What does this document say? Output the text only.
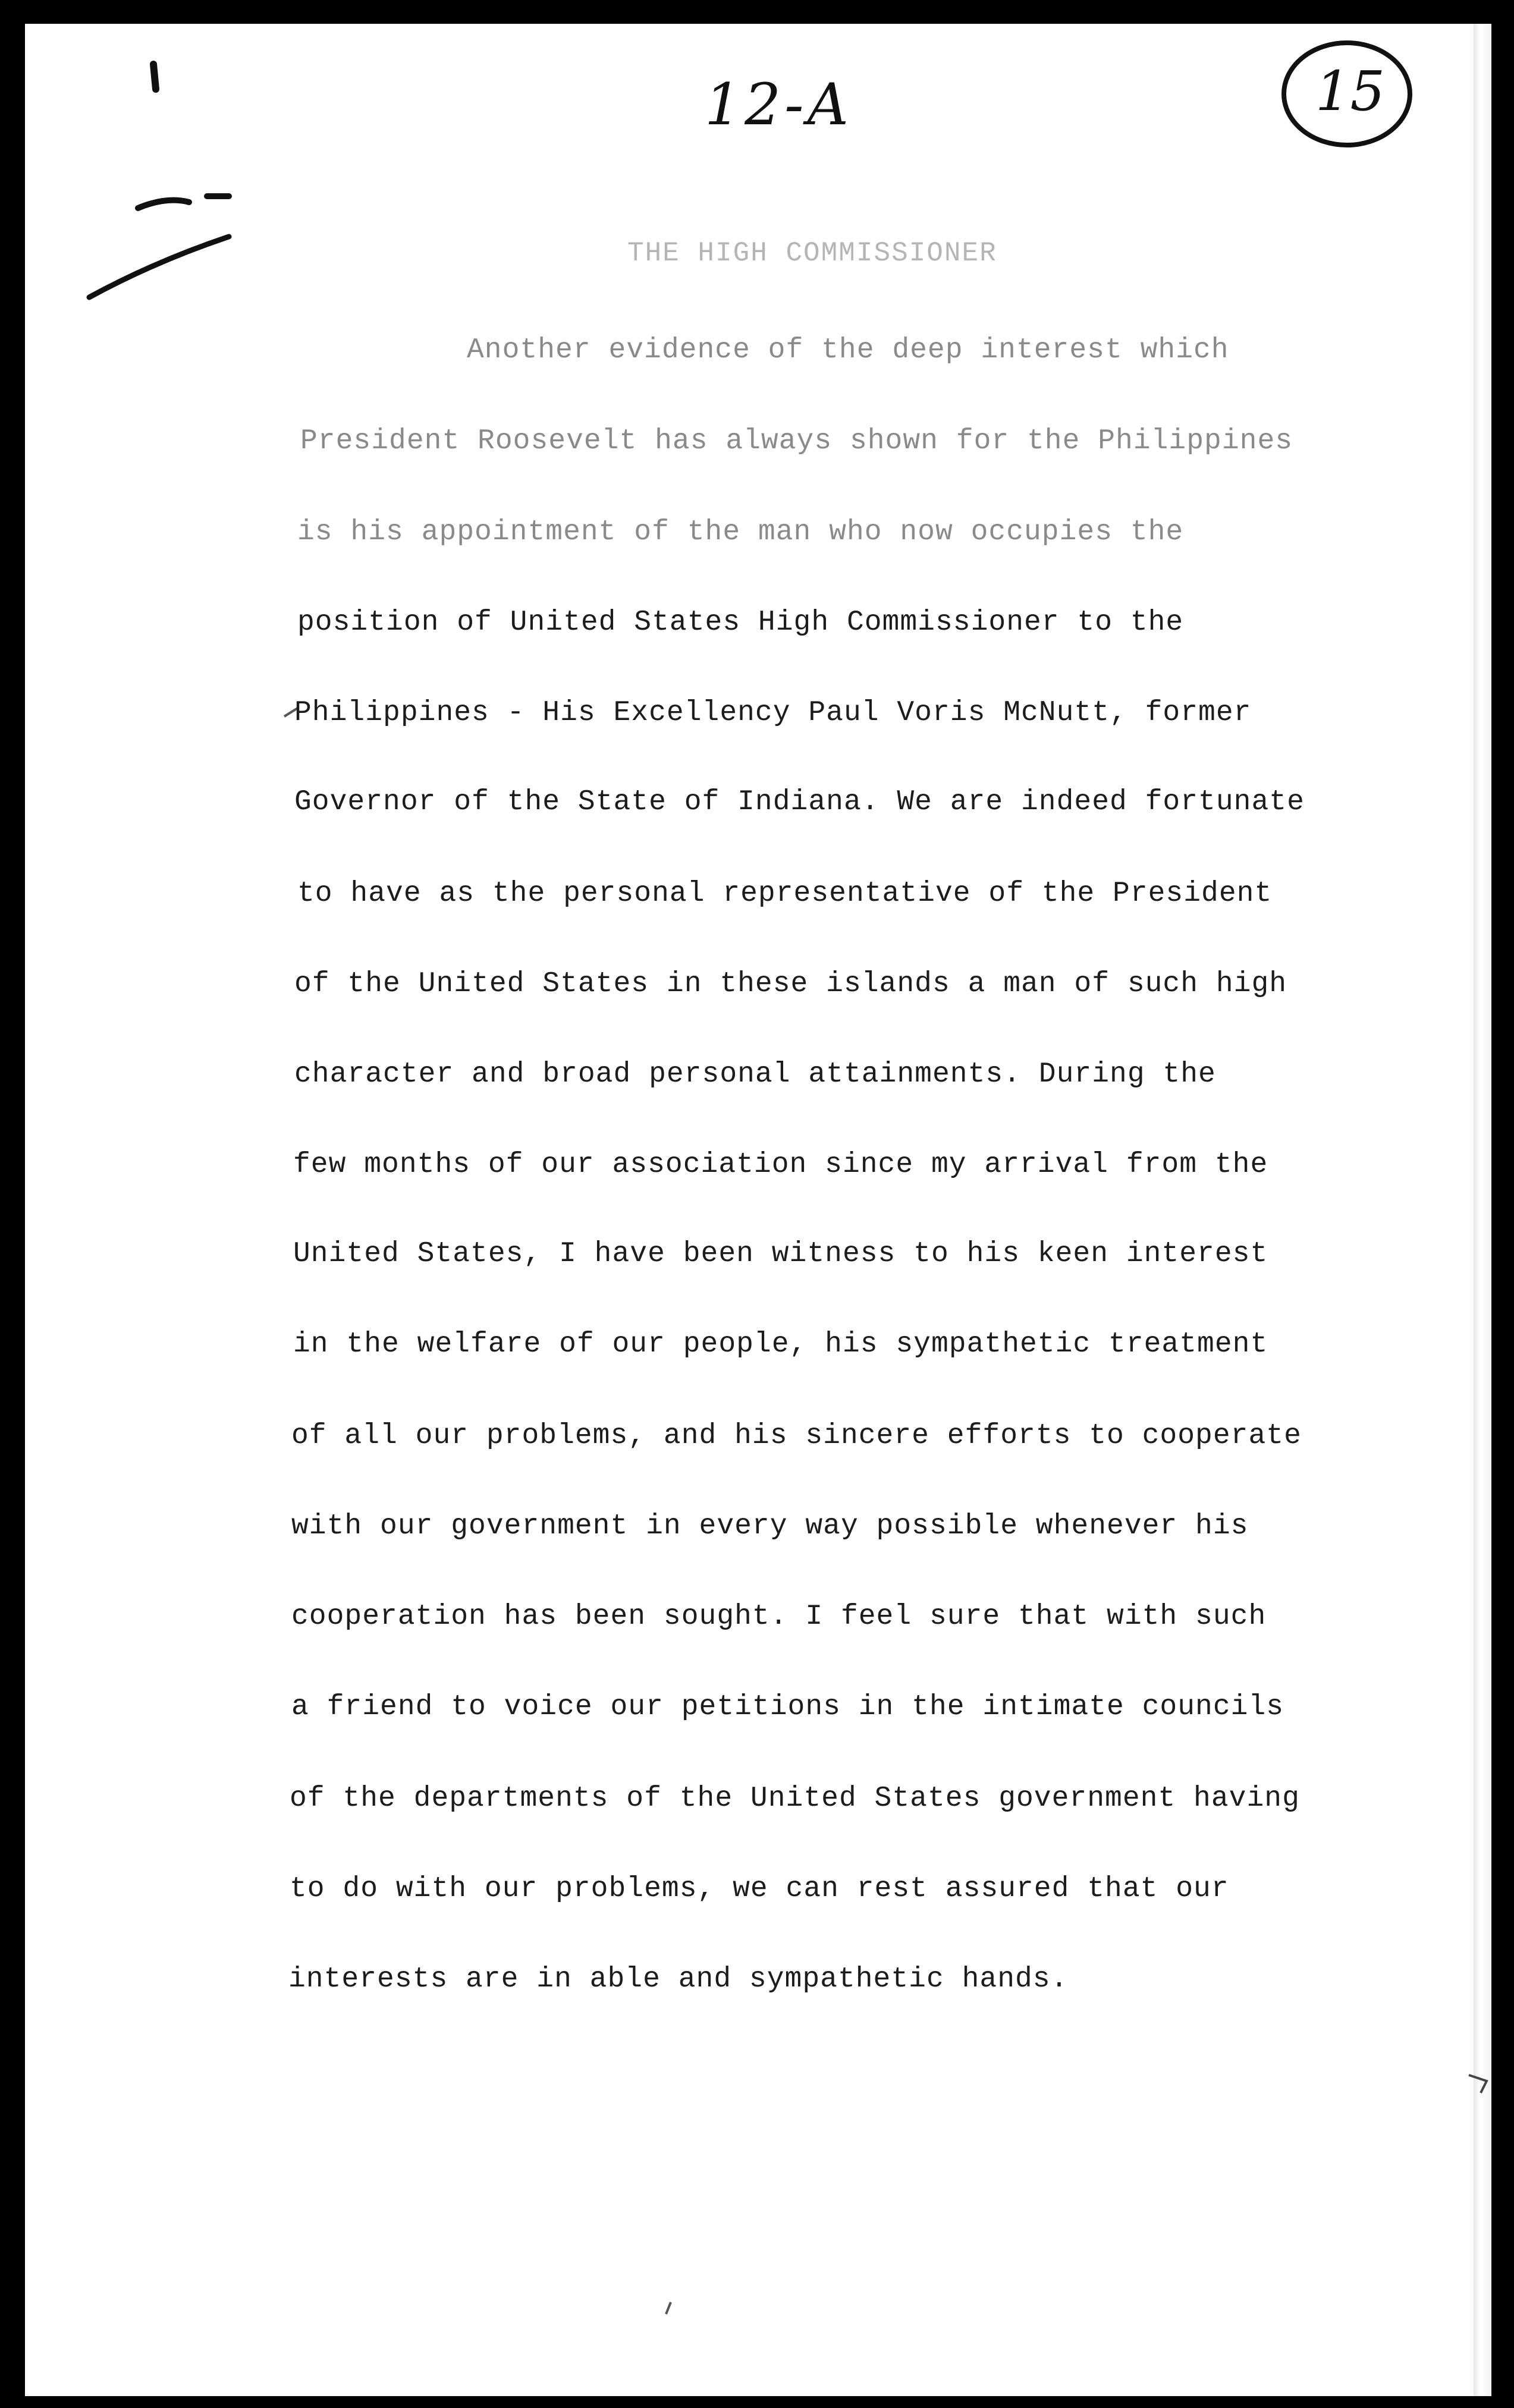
12-A	15
THE HIGH COMMISSIONER
Another evidence of the deep interest which
President Roosevelt has always shown for the Philippines
is his appointment of the man who now occupies the
position of United States High Commissioner to the
Philippines - His Excellency Paul Voris McNutt, former
Governor of the State of Indiana. We are indeed fortunate
to have as the personal representative of the President
of the United States in these islands a man of such high
character and broad personal attainments. During the
few months of our association since my arrival from the
United States, I have been witness to his keen interest
in the welfare of our people, his sympathetic treatment
of all our problems, and his sincere efforts to cooperate
with our government in every way possible whenever his
cooperation has been sought. I feel sure that with such
a friend to voice our petitions in the intimate councils
of the departments of the United States government having
to do with our problems, we can rest assured that our
interests are in able and sympathetic hands.
